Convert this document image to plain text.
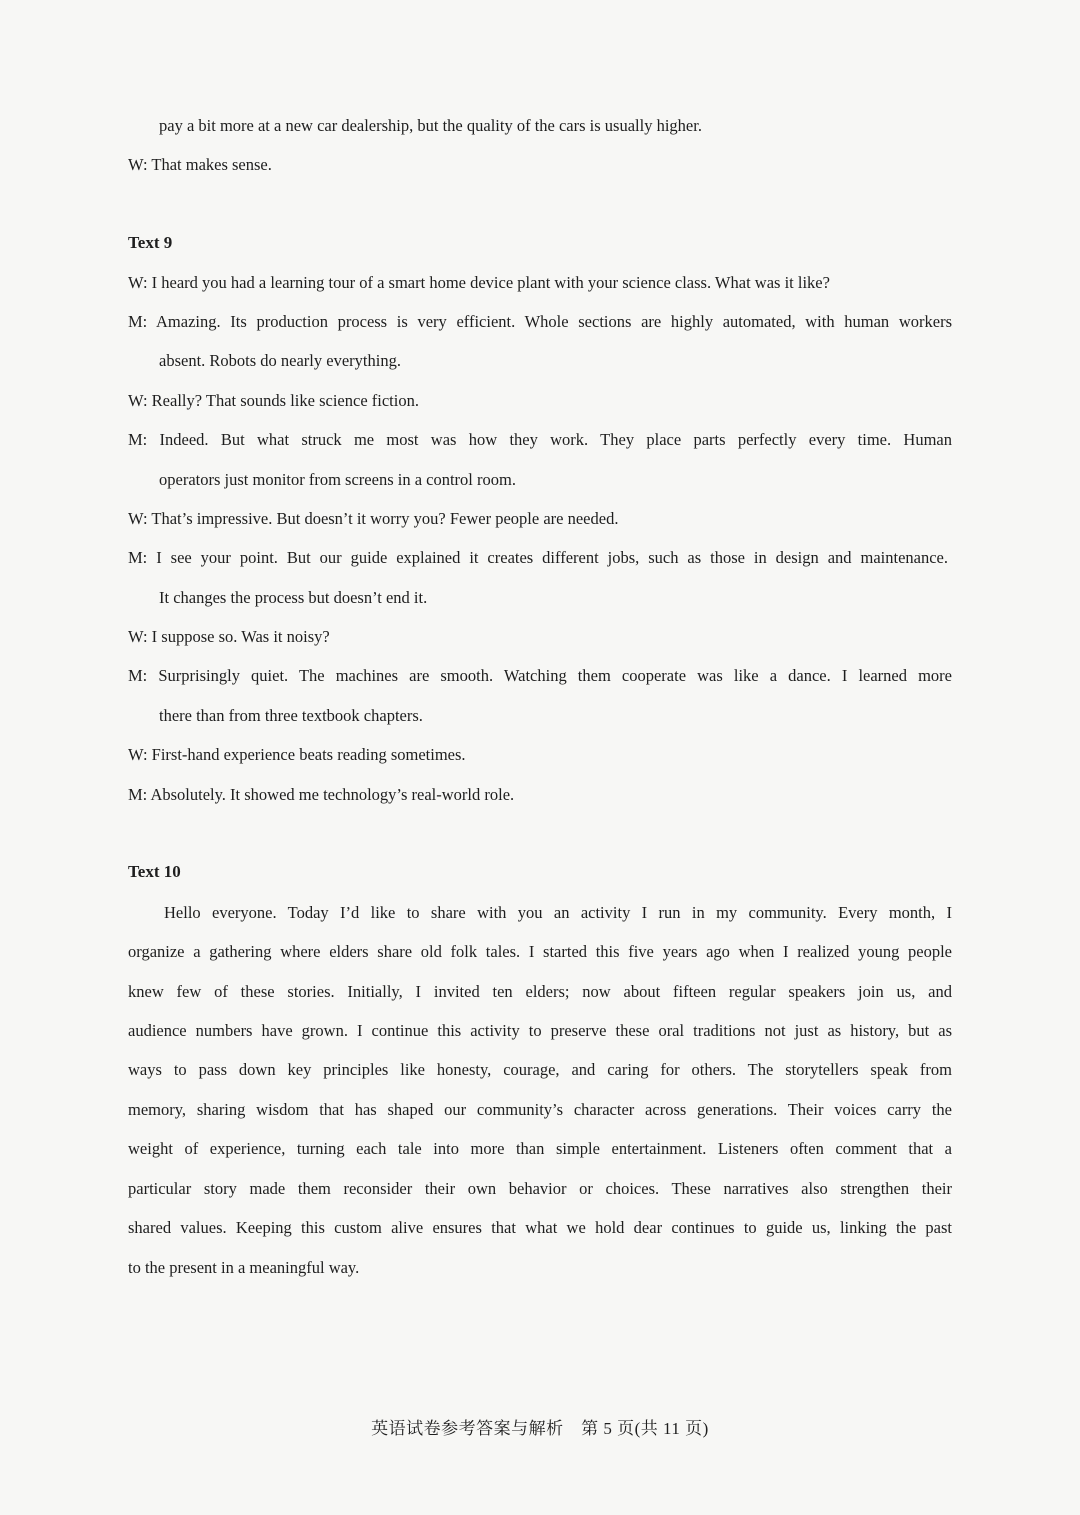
pay a bit more at a new car dealership, but the quality of the cars is usually higher.
W: That makes sense.
Text 9
W: I heard you had a learning tour of a smart home device plant with your science class. What was it like?
M: Amazing. Its production process is very efficient. Whole sections are highly automated, with human workers
absent. Robots do nearly everything.
W: Really? That sounds like science fiction.
M: Indeed. But what struck me most was how they work. They place parts perfectly every time. Human
operators just monitor from screens in a control room.
W: That’s impressive. But doesn’t it worry you? Fewer people are needed.
M: I see your point. But our guide explained it creates different jobs, such as those in design and maintenance.
It changes the process but doesn’t end it.
W: I suppose so. Was it noisy?
M: Surprisingly quiet. The machines are smooth. Watching them cooperate was like a dance. I learned more
there than from three textbook chapters.
W: First-hand experience beats reading sometimes.
M: Absolutely. It showed me technology’s real-world role.
Text 10
Hello everyone. Today I’d like to share with you an activity I run in my community. Every month, I
organize a gathering where elders share old folk tales. I started this five years ago when I realized young people
knew few of these stories. Initially, I invited ten elders; now about fifteen regular speakers join us, and
audience numbers have grown. I continue this activity to preserve these oral traditions not just as history, but as
ways to pass down key principles like honesty, courage, and caring for others. The storytellers speak from
memory, sharing wisdom that has shaped our community’s character across generations. Their voices carry the
weight of experience, turning each tale into more than simple entertainment. Listeners often comment that a
particular story made them reconsider their own behavior or choices. These narratives also strengthen their
shared values. Keeping this custom alive ensures that what we hold dear continues to guide us, linking the past
to the present in a meaningful way.
英语试卷参考答案与解析　第 5 页(共 11 页)
